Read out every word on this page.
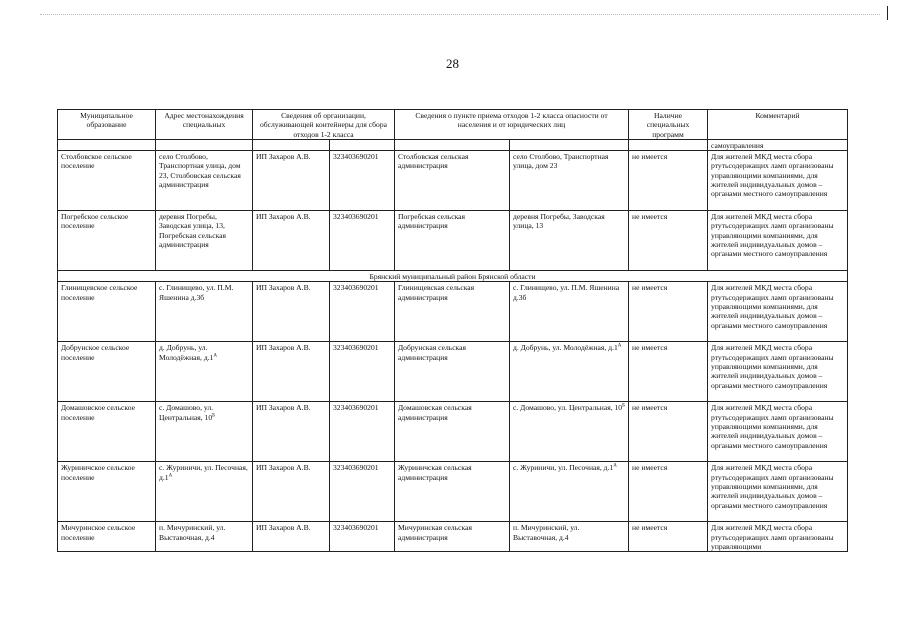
28
Муниципальное образование	Адрес местонахождения специальных	Сведения об организации, обслуживающей контейнеры для сбора отходов 1-2 класса		Сведения о пункте приема отходов 1-2 класса опасности от населения и от юридических лиц		Наличие специальных программ	Комментарий
							самоуправления
Столбовское сельское поселение	село Столбово, Транспортная улица, дом 23, Столбовская сельская администрация	ИП Захаров А.В.	323403690201	Столбовская сельская администрация	село Столбово, Транспортная улица, дом 23	не имеется	Для жителей МКД места сбора ртутьсодержащих ламп организованы управляющими компаниями, для жителей индивидуальных домов – органами местного самоуправления
Погребское сельское поселение	деревня Погребы, Заводская улица, 13, Погребская сельская администрация	ИП Захаров А.В.	323403690201	Погребская сельская администрация	деревня Погребы, Заводская улица, 13	не имеется	Для жителей МКД места сбора ртутьсодержащих ламп организованы управляющими компаниями, для жителей индивидуальных домов – органами местного самоуправления
Брянский муниципальный район Брянской области							
Глинищевское сельское поселение	с. Глинищево, ул. П.М. Яшенина д.3б	ИП Захаров А.В.	323403690201	Глинищевская сельская администрация	с. Глинищево, ул. П.М. Яшенина д.3б	не имеется	Для жителей МКД места сбора ртутьсодержащих ламп организованы управляющими компаниями, для жителей индивидуальных домов – органами местного самоуправления
Добрунское сельское поселение	д. Добрунь, ул. Молодёжная, $д.1^А$	ИП Захаров А.В.	323403690201	Добрунская сельская администрация	д. Добрунь, ул. Молодёжная, $д.1^А$	не имеется	Для жителей МКД места сбора ртутьсодержащих ламп организованы управляющими компаниями, для жителей индивидуальных домов – органами местного самоуправления
Домашовское сельское поселение	с. Домашово, ул. Центральная, $10^Б$	ИП Захаров А.В.	323403690201	Домашовская сельская администрация	с. Домашово, ул. Центральная, $10^Б$	не имеется	Для жителей МКД места сбора ртутьсодержащих ламп организованы управляющими компаниями, для жителей индивидуальных домов – органами местного самоуправления
Журиничское сельское поселение	с. Журиничи, ул. Песочная, $д.1^А$	ИП Захаров А.В.	323403690201	Журиничская сельская администрация	с. Журиничи, ул. Песочная, $д.1^А$	не имеется	Для жителей МКД места сбора ртутьсодержащих ламп организованы управляющими компаниями, для жителей индивидуальных домов – органами местного самоуправления
Мичуринское сельское поселение	п. Мичуринский, ул. Выставочная, д.4	ИП Захаров А.В.	323403690201	Мичуринская сельская администрация	п. Мичуринский, ул. Выставочная, д.4	не имеется	Для жителей МКД места сбора ртутьсодержащих ламп организованы управляющими
